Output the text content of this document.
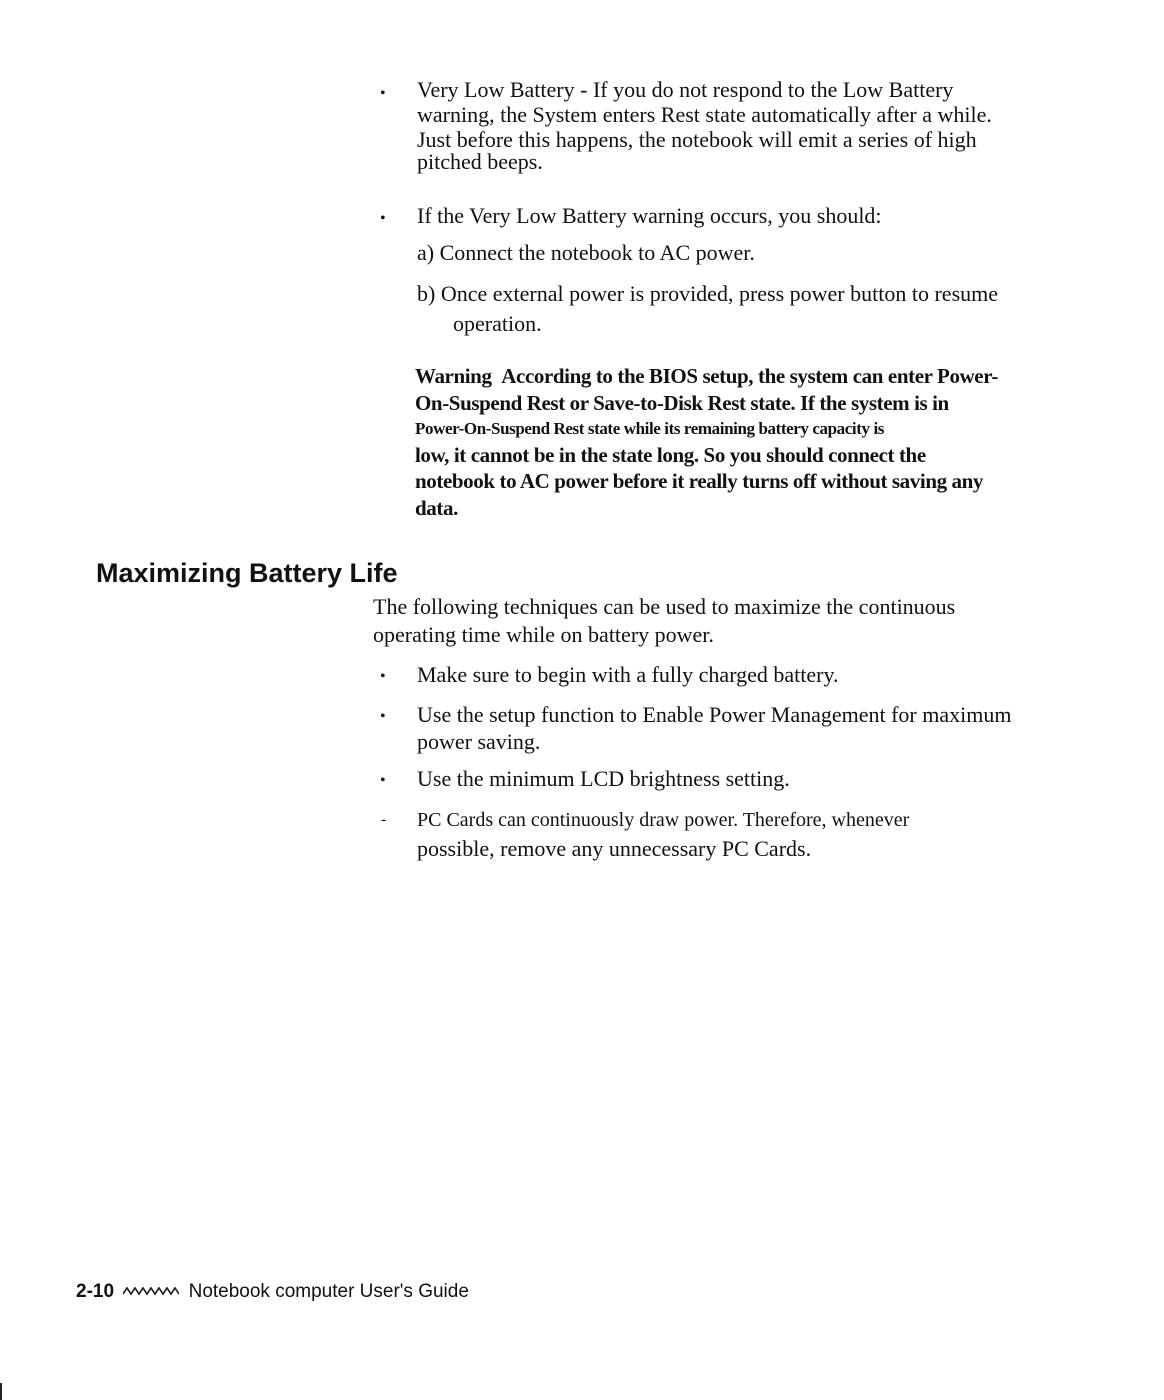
• Very Low Battery - If you do not respond to the Low Battery
warning, the System enters Rest state automatically after a while.
Just before this happens, the notebook will emit a series of high
pitched beeps.
• If the Very Low Battery warning occurs, you should:
a) Connect the notebook to AC power.
b) Once external power is provided, press power button to resume
operation.
Warning According to the BIOS setup, the system can enter Power-
On-Suspend Rest or Save-to-Disk Rest state. If the system is in
Power-On-Suspend Rest state while its remaining battery capacity is
low, it cannot be in the state long. So you should connect the
notebook to AC power before it really turns off without saving any
data.
Maximizing Battery Life
The following techniques can be used to maximize the continuous
operating time while on battery power.
• Make sure to begin with a fully charged battery.
• Use the setup function to Enable Power Management for maximum
power saving.
• Use the minimum LCD brightness setting.
- PC Cards can continuously draw power. Therefore, whenever
possible, remove any unnecessary PC Cards.
2-10	Notebook computer User's Guide
